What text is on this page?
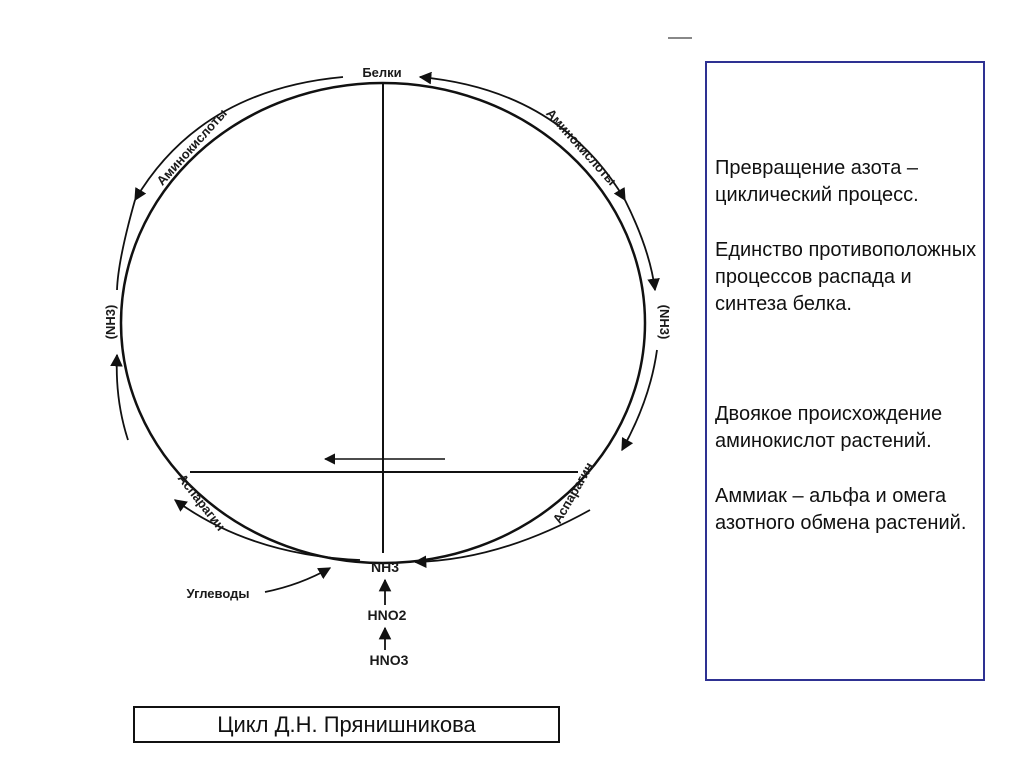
Белки
Аминокислоты	Аминокислоты
(NH3)	(NH3)
Аспарагин	Аспарагин
NH3
Углеводы
HNO2
HNO3

Превращение азота – циклический процесс.

Единство противоположных процессов распада и синтеза белка.

Двоякое происхождение аминокислот растений.

Аммиак – альфа и омега азотного обмена растений.

Цикл Д.Н. Прянишникова
